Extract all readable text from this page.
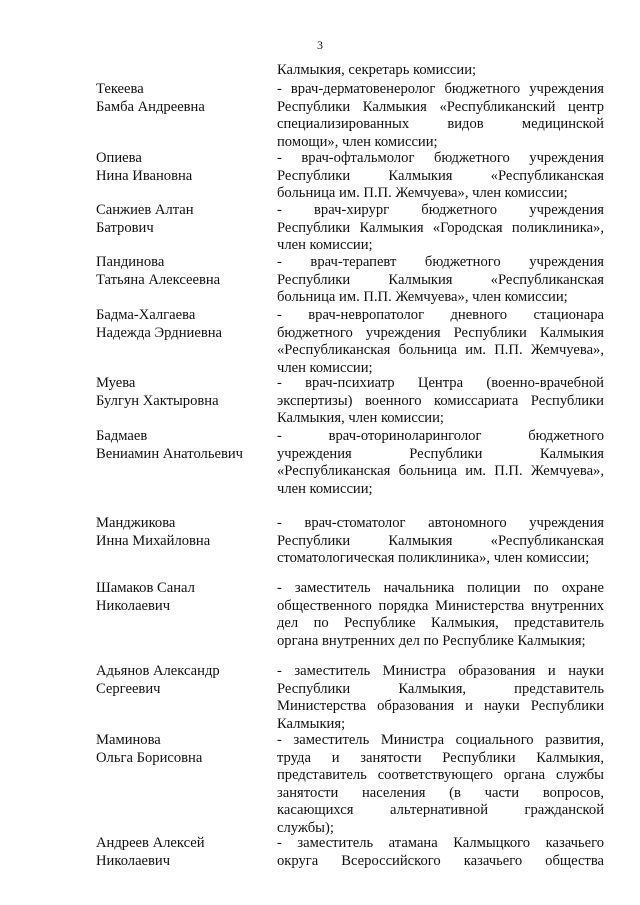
3
Калмыкия, секретарь комиссии;
Текеева
Бамба Андреевна
- врач-дерматовенеролог бюджетного учреждения
Республики Калмыкия «Республиканский центр
специализированных видов медицинской
помощи», член комиссии;
Опиева
Нина Ивановна
- врач-офтальмолог бюджетного учреждения
Республики Калмыкия «Республиканская
больница им. П.П. Жемчуева», член комиссии;
Санжиев Алтан
Батрович
- врач-хирург бюджетного учреждения
Республики Калмыкия «Городская поликлиника»,
член комиссии;
Пандинова
Татьяна Алексеевна
- врач-терапевт бюджетного учреждения
Республики Калмыкия «Республиканская
больница им. П.П. Жемчуева», член комиссии;
Бадма-Халгаева
Надежда Эрдниевна
- врач-невропатолог дневного стационара
бюджетного учреждения Республики Калмыкия
«Республиканская больница им. П.П. Жемчуева»,
член комиссии;
Муева
Булгун Хактыровна
- врач-психиатр Центра (военно-врачебной
экспертизы) военного комиссариата Республики
Калмыкия, член комиссии;
Бадмаев
Вениамин Анатольевич
- врач-оториноларинголог бюджетного
учреждения Республики Калмыкия
«Республиканская больница им. П.П. Жемчуева»,
член комиссии;
Манджикова
Инна Михайловна
- врач-стоматолог автономного учреждения
Республики Калмыкия «Республиканская
стоматологическая поликлиника», член комиссии;
Шамаков Санал
Николаевич
- заместитель начальника полиции по охране
общественного порядка Министерства внутренних
дел по Республике Калмыкия, представитель
органа внутренних дел по Республике Калмыкия;
Адьянов Александр
Сергеевич
- заместитель Министра образования и науки
Республики Калмыкия, представитель
Министерства образования и науки Республики
Калмыкия;
Маминова
Ольга Борисовна
- заместитель Министра социального развития,
труда и занятости Республики Калмыкия,
представитель соответствующего органа службы
занятости населения (в части вопросов,
касающихся альтернативной гражданской
службы);
Андреев Алексей
Николаевич
- заместитель атамана Калмыцкого казачьего
округа Всероссийского казачьего общества
